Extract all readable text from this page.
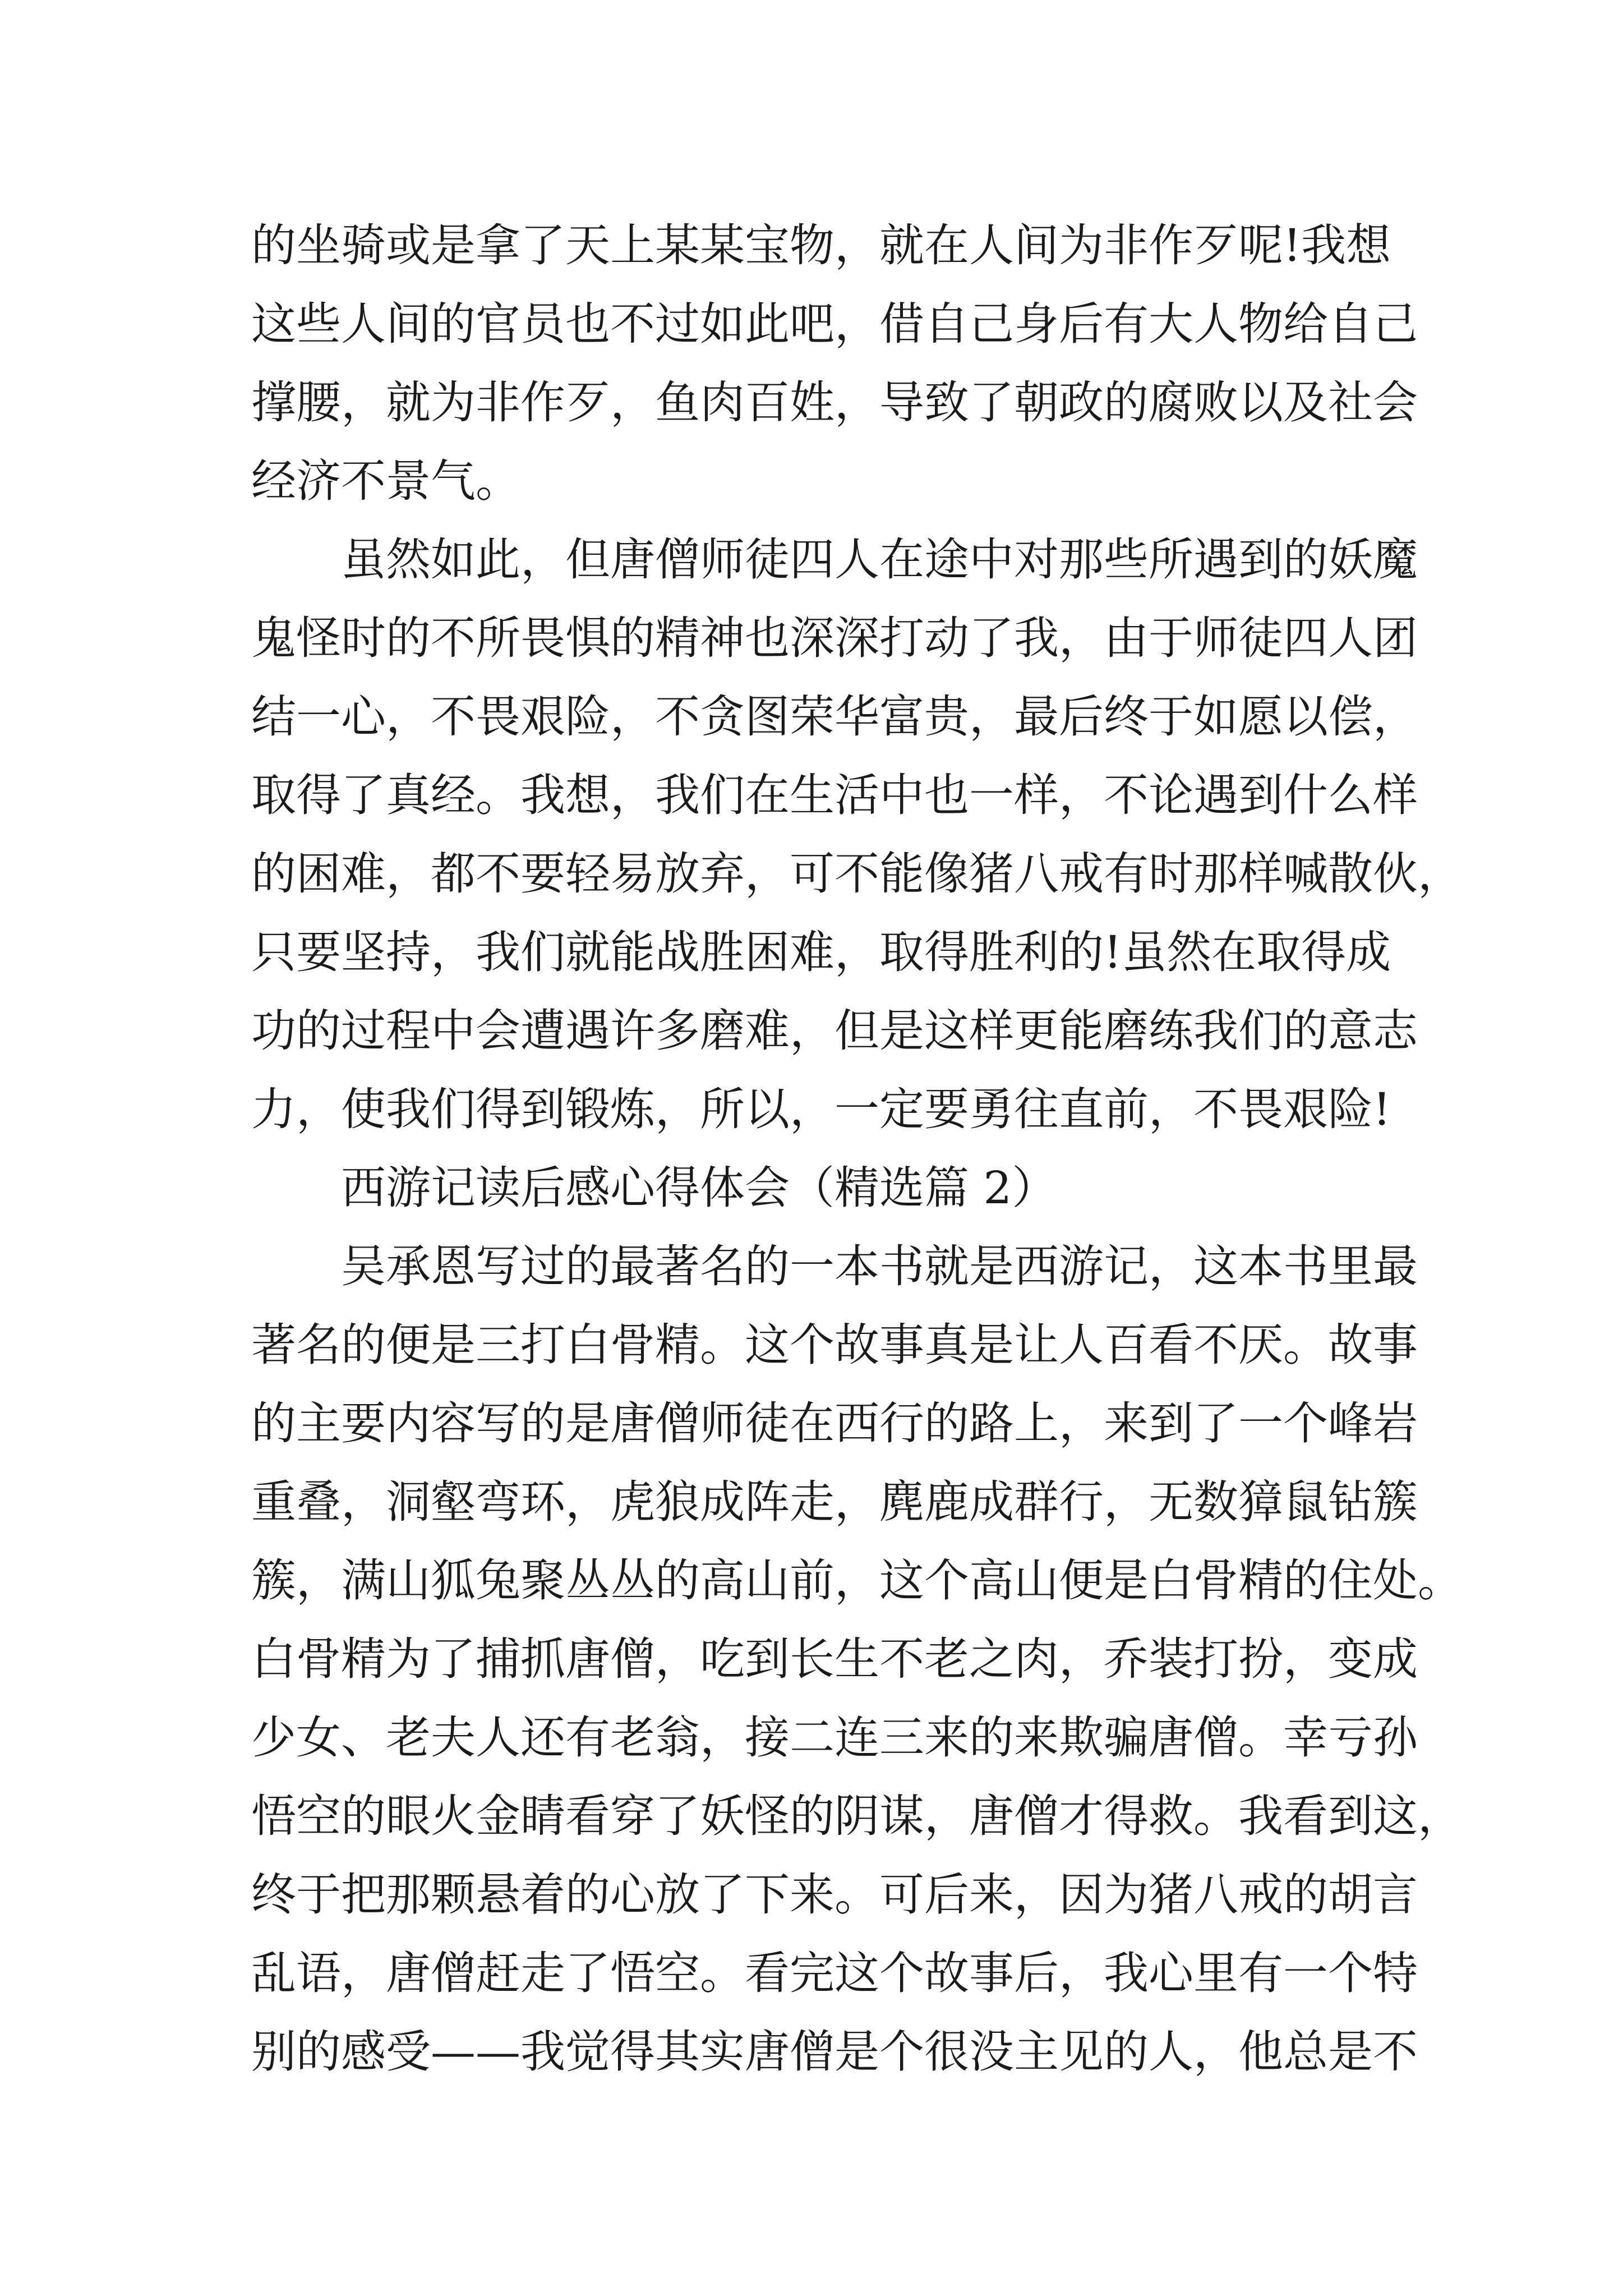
的坐骑或是拿了天上某某宝物，就在人间为非作歹呢!我想
这些人间的官员也不过如此吧，借自己身后有大人物给自己
撑腰，就为非作歹，鱼肉百姓，导致了朝政的腐败以及社会
经济不景气。
虽然如此，但唐僧师徒四人在途中对那些所遇到的妖魔
鬼怪时的不所畏惧的精神也深深打动了我，由于师徒四人团
结一心，不畏艰险，不贪图荣华富贵，最后终于如愿以偿，
取得了真经。我想，我们在生活中也一样，不论遇到什么样
的困难，都不要轻易放弃，可不能像猪八戒有时那样喊散伙，
只要坚持，我们就能战胜困难，取得胜利的!虽然在取得成
功的过程中会遭遇许多磨难，但是这样更能磨练我们的意志
力，使我们得到锻炼，所以，一定要勇往直前，不畏艰险!
西游记读后感心得体会（精选篇 2）
吴承恩写过的最著名的一本书就是西游记，这本书里最
著名的便是三打白骨精。这个故事真是让人百看不厌。故事
的主要内容写的是唐僧师徒在西行的路上，来到了一个峰岩
重叠，洞壑弯环，虎狼成阵走，麂鹿成群行，无数獐鼠钻簇
簇，满山狐兔聚丛丛的高山前，这个高山便是白骨精的住处。
白骨精为了捕抓唐僧，吃到长生不老之肉，乔装打扮，变成
少女、老夫人还有老翁，接二连三来的来欺骗唐僧。幸亏孙
悟空的眼火金睛看穿了妖怪的阴谋，唐僧才得救。我看到这，
终于把那颗悬着的心放了下来。可后来，因为猪八戒的胡言
乱语，唐僧赶走了悟空。看完这个故事后，我心里有一个特
别的感受——我觉得其实唐僧是个很没主见的人，他总是不
